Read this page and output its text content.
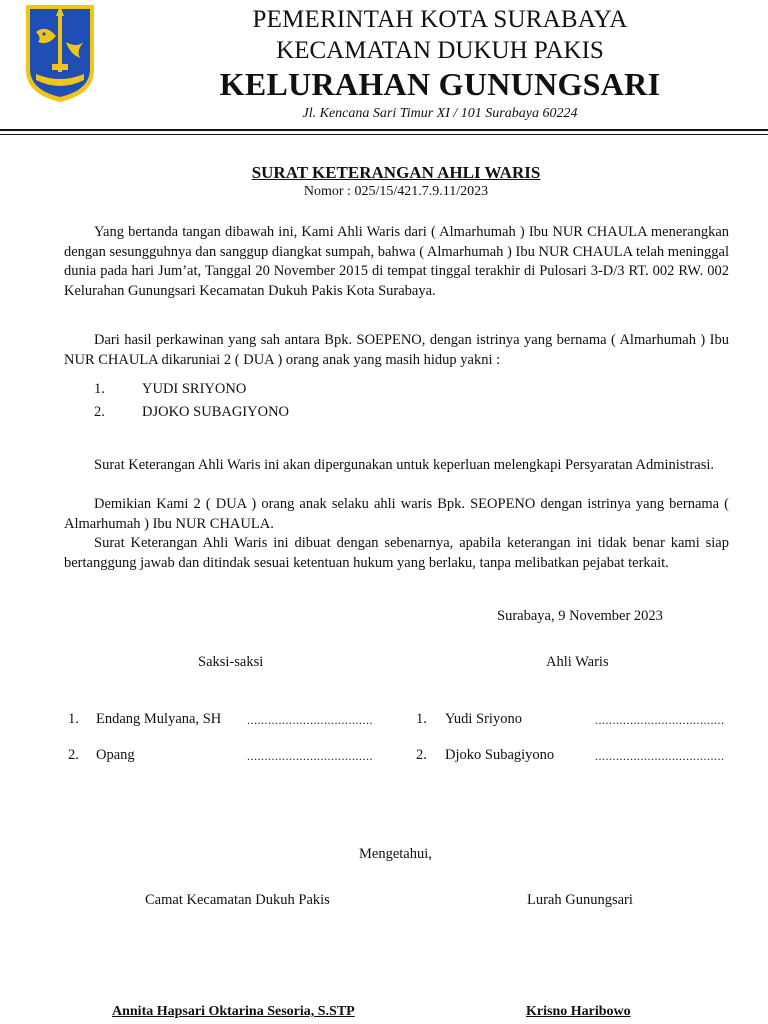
PEMERINTAH KOTA SURABAYA
KECAMATAN DUKUH PAKIS
KELURAHAN GUNUNGSARI
Jl. Kencana Sari Timur XI / 101 Surabaya 60224
SURAT KETERANGAN AHLI WARIS
Nomor : 025/15/421.7.9.11/2023
Yang bertanda tangan dibawah ini, Kami Ahli Waris dari ( Almarhumah ) Ibu NUR CHAULA menerangkan dengan sesungguhnya dan sanggup diangkat sumpah, bahwa ( Almarhumah ) Ibu NUR CHAULA telah meninggal dunia pada hari Jum’at, Tanggal 20 November 2015 di tempat tinggal terakhir di Pulosari 3-D/3 RT. 002 RW. 002 Kelurahan Gunungsari Kecamatan Dukuh Pakis Kota Surabaya.
Dari hasil perkawinan yang sah antara Bpk. SOEPENO, dengan istrinya yang bernama ( Almarhumah ) Ibu NUR CHAULA dikaruniai 2 ( DUA ) orang anak yang masih hidup yakni :
1.	YUDI SRIYONO
2.	DJOKO SUBAGIYONO
Surat Keterangan Ahli Waris ini akan dipergunakan untuk keperluan melengkapi Persyaratan Administrasi.
Demikian Kami 2 ( DUA ) orang anak selaku ahli waris Bpk. SEOPENO dengan istrinya yang bernama ( Almarhumah ) Ibu NUR CHAULA.
Surat Keterangan Ahli Waris ini dibuat dengan sebenarnya, apabila keterangan ini tidak benar kami siap bertanggung jawab dan ditindak sesuai ketentuan hukum yang berlaku, tanpa melibatkan pejabat terkait.
Surabaya, 9 November 2023
Saksi-saksi	Ahli Waris
1. Endang Mulyana, SH ....................................	1. Yudi Sriyono	.....................................
2. Opang	....................................	2. Djoko Subagiyono	.....................................
Mengetahui,
Camat Kecamatan Dukuh Pakis	Lurah Gunungsari
Annita Hapsari Oktarina Sesoria, S.STP	Krisno Haribowo
